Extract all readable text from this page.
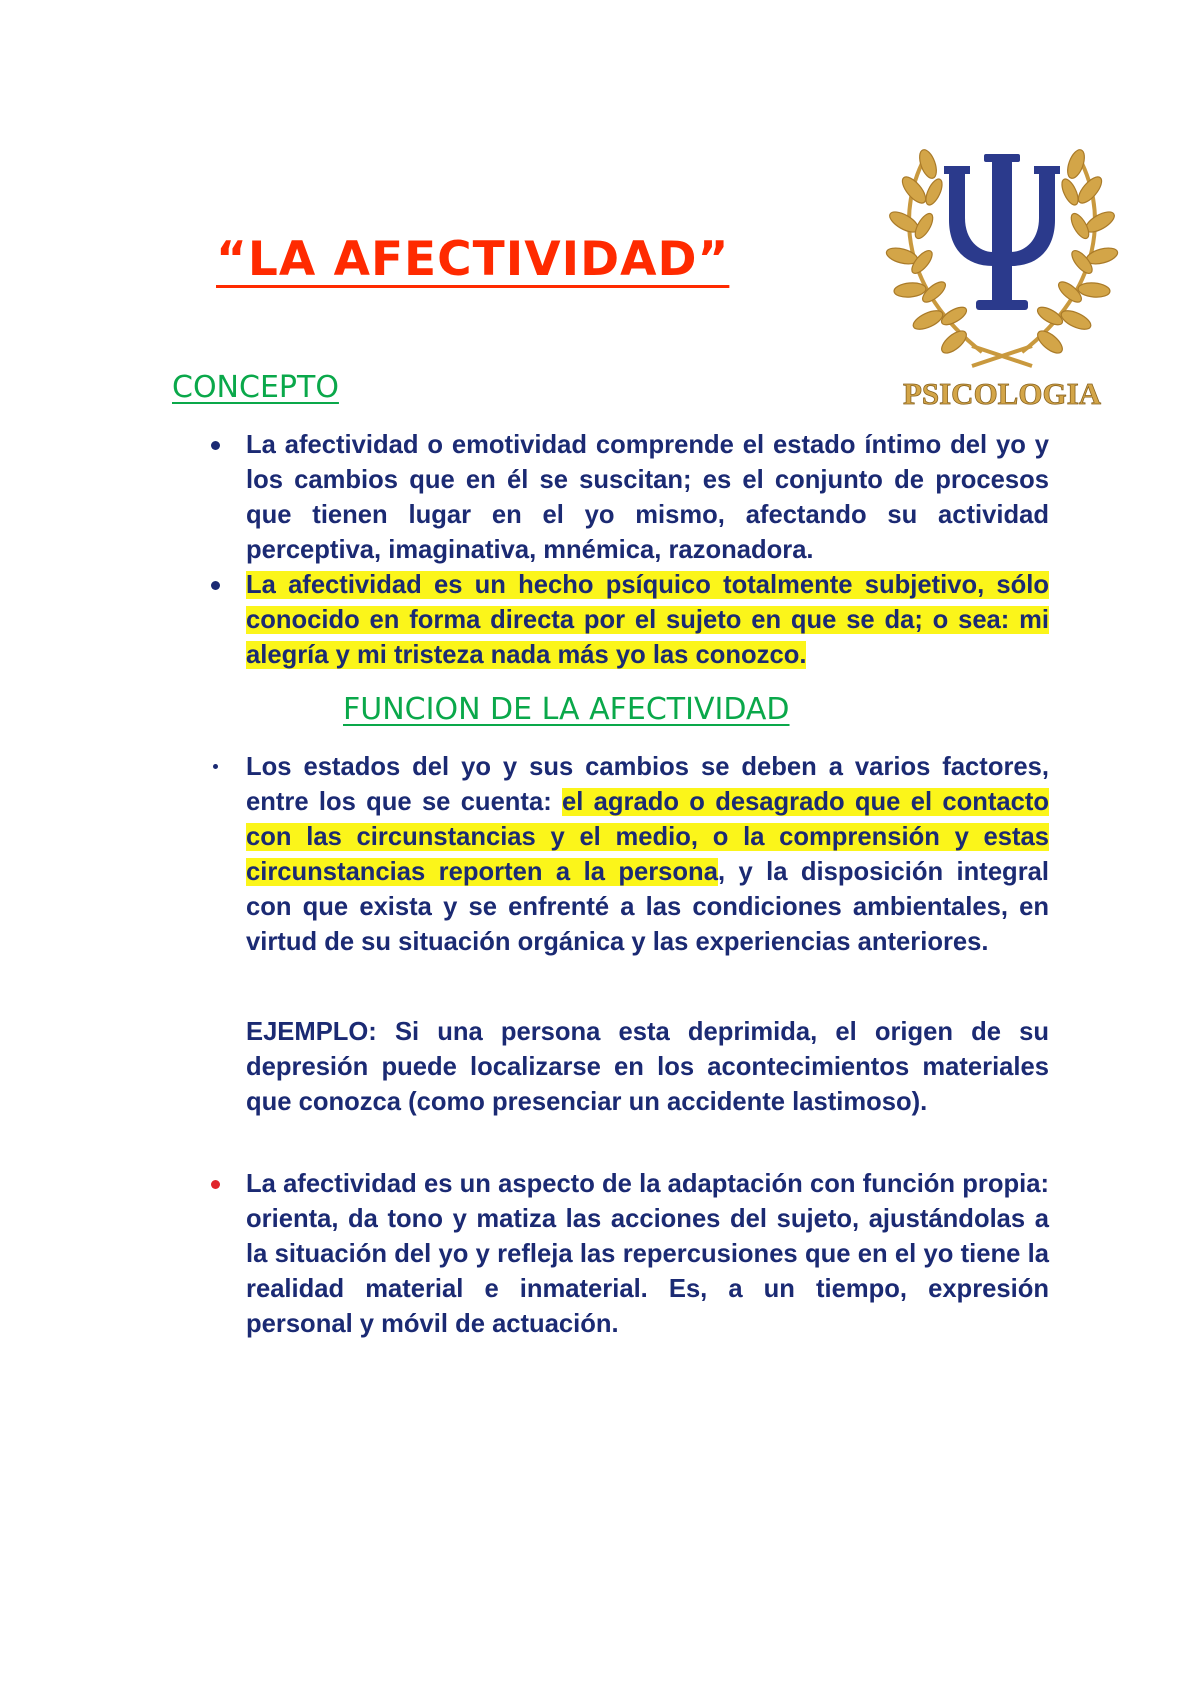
“LA AFECTIVIDAD”
PSICOLOGIA
CONCEPTO

La afectividad o emotividad comprende el estado íntimo del yo y los cambios que en él se suscitan; es el conjunto de procesos que tienen lugar en el yo mismo, afectando su actividad perceptiva, imaginativa, mnémica, razonadora.

La afectividad es un hecho psíquico totalmente subjetivo, sólo conocido en forma directa por el sujeto en que se da; o sea: mi alegría y mi tristeza nada más yo las conozco.

FUNCION DE LA AFECTIVIDAD

Los estados del yo y sus cambios se deben a varios factores, entre los que se cuenta: el agrado o desagrado que el contacto con las circunstancias y el medio, o la comprensión y estas circunstancias reporten a la persona, y la disposición integral con que exista y se enfrenté a las condiciones ambientales, en virtud de su situación orgánica y las experiencias anteriores.

EJEMPLO: Si una persona esta deprimida, el origen de su depresión puede localizarse en los acontecimientos materiales que conozca (como presenciar un accidente lastimoso).

La afectividad es un aspecto de la adaptación con función propia: orienta, da tono y matiza las acciones del sujeto, ajustándolas a la situación del yo y refleja las repercusiones que en el yo tiene la realidad material e inmaterial. Es, a un tiempo, expresión personal y móvil de actuación.
